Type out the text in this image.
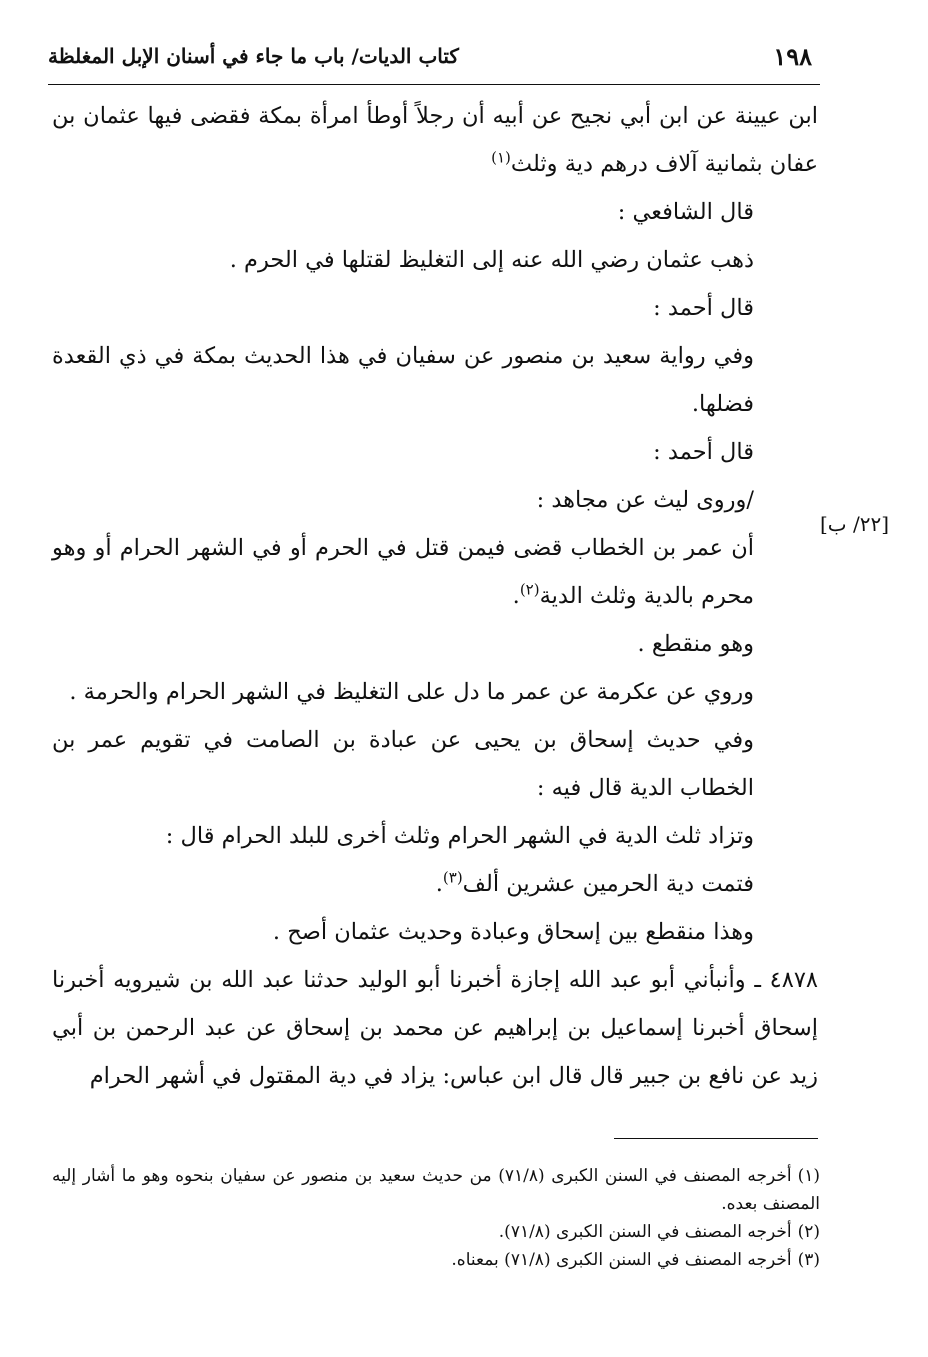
١٩٨
كتاب الديات/ باب ما جاء في أسنان الإبل المغلظة
[٢٢/ ب]

ابن عيينة عن ابن أبي نجيح عن أبيه أن رجلاً أوطأ امرأة بمكة فقضى فيها عثمان بن عفان بثمانية آلاف درهم دية وثلث$^{(١)}$

قال الشافعي :

ذهب عثمان رضي الله عنه إلى التغليظ لقتلها في الحرم .

قال أحمد :

وفي رواية سعيد بن منصور عن سفيان في هذا الحديث بمكة في ذي القعدة فضلها.

قال أحمد :

/وروى ليث عن مجاهد :

أن عمر بن الخطاب قضى فيمن قتل في الحرم أو في الشهر الحرام أو وهو محرم بالدية وثلث الدية$^{(٢)}$.

وهو منقطع .

وروي عن عكرمة عن عمر ما دل على التغليظ في الشهر الحرام والحرمة .

وفي حديث إسحاق بن يحيى عن عبادة بن الصامت في تقويم عمر بن الخطاب الدية قال فيه :

وتزاد ثلث الدية في الشهر الحرام وثلث أخرى للبلد الحرام قال :

فتمت دية الحرمين عشرين ألف$^{(٣)}$.

وهذا منقطع بين إسحاق وعبادة وحديث عثمان أصح .

٤٨٧٨ ـ وأنبأني أبو عبد الله إجازة أخبرنا أبو الوليد حدثنا عبد الله بن شيرويه أخبرنا إسحاق أخبرنا إسماعيل بن إبراهيم عن محمد بن إسحاق عن عبد الرحمن بن أبي زيد عن نافع بن جبير قال قال ابن عباس: يزاد في دية المقتول في أشهر الحرام

(١)أخرجه المصنف في السنن الكبرى (٧١/٨) من حديث سعيد بن منصور عن سفيان بنحوه وهو ما أشار إليه المصنف بعده.

(٢)أخرجه المصنف في السنن الكبرى (٧١/٨).

(٣)أخرجه المصنف في السنن الكبرى (٧١/٨) بمعناه.
